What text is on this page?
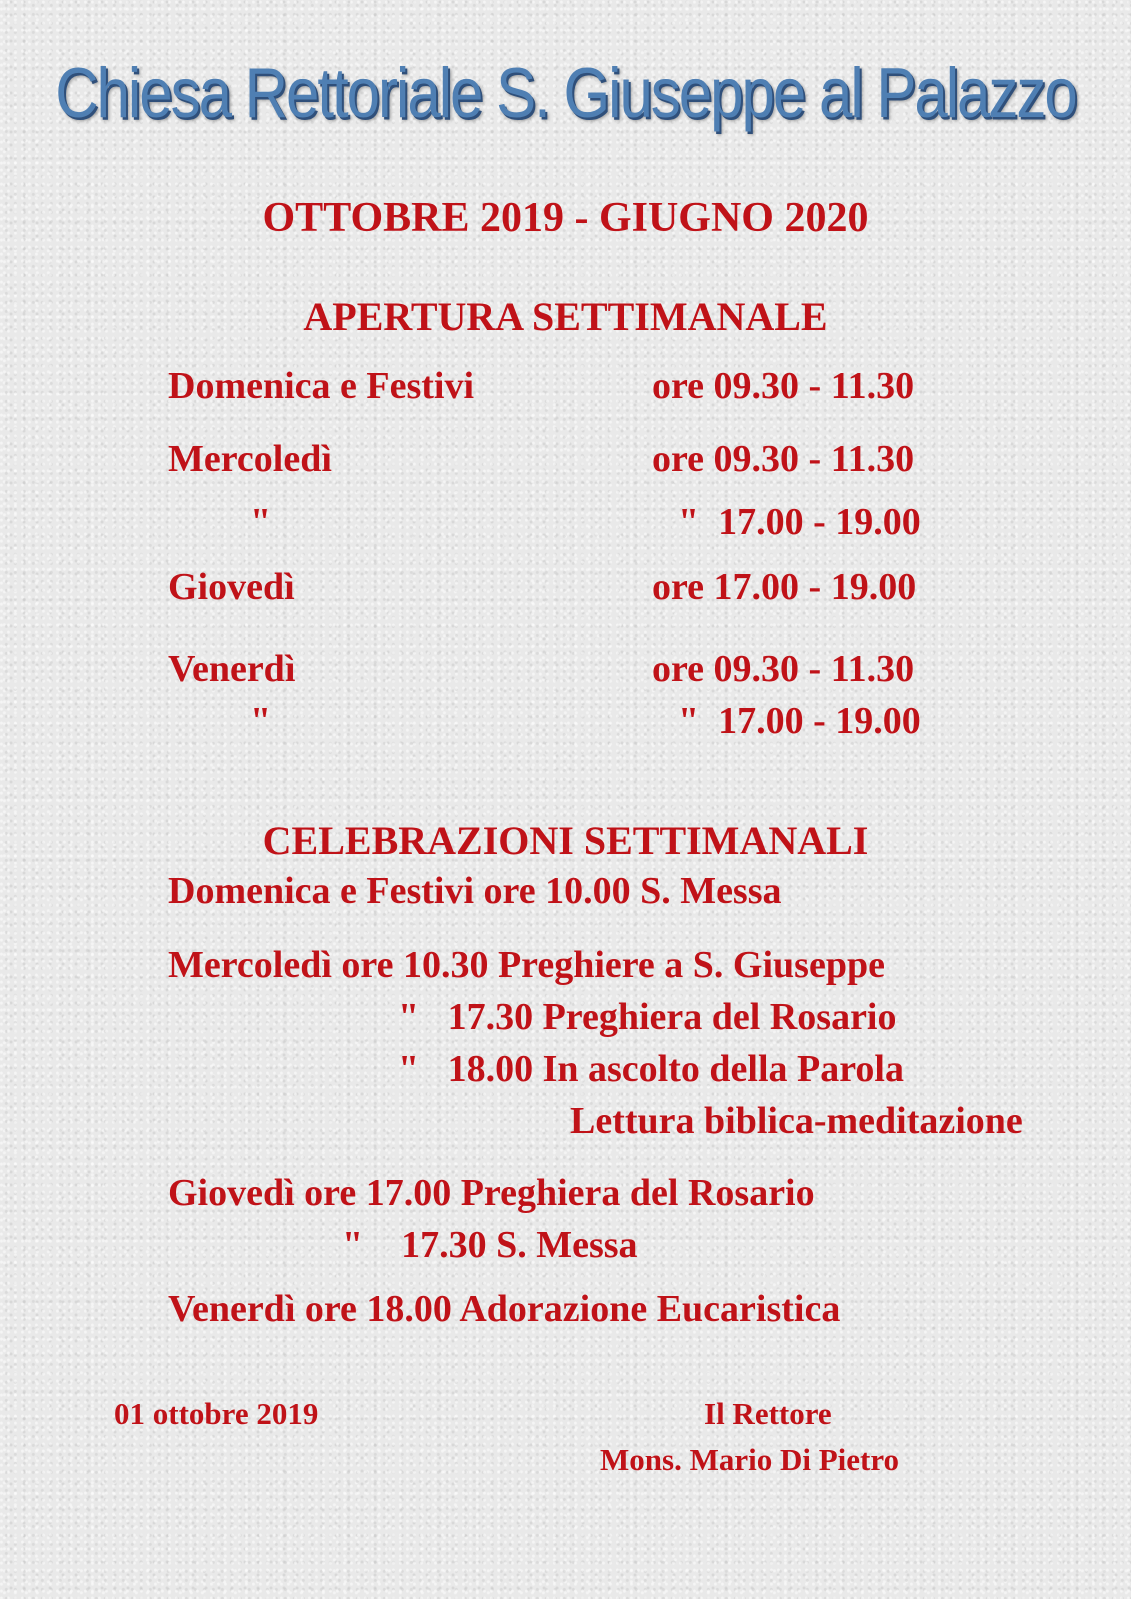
Chiesa Rettoriale S. Giuseppe al Palazzo
OTTOBRE 2019 - GIUGNO 2020
APERTURA SETTIMANALE
Domenica e Festivi	ore 09.30 - 11.30
Mercoledì	ore 09.30 - 11.30
"	"  17.00 - 19.00
Giovedì	ore 17.00 - 19.00
Venerdì	ore 09.30 - 11.30
"	"  17.00 - 19.00
CELEBRAZIONI SETTIMANALI
Domenica e Festivi ore 10.00 S. Messa
Mercoledì ore 10.30 Preghiere a S. Giuseppe
"   17.30 Preghiera del Rosario
"   18.00 In ascolto della Parola
Lettura biblica-meditazione
Giovedì ore 17.00 Preghiera del Rosario
"    17.30 S. Messa
Venerdì ore 18.00 Adorazione Eucaristica
01 ottobre 2019	Il Rettore
Mons. Mario Di Pietro
